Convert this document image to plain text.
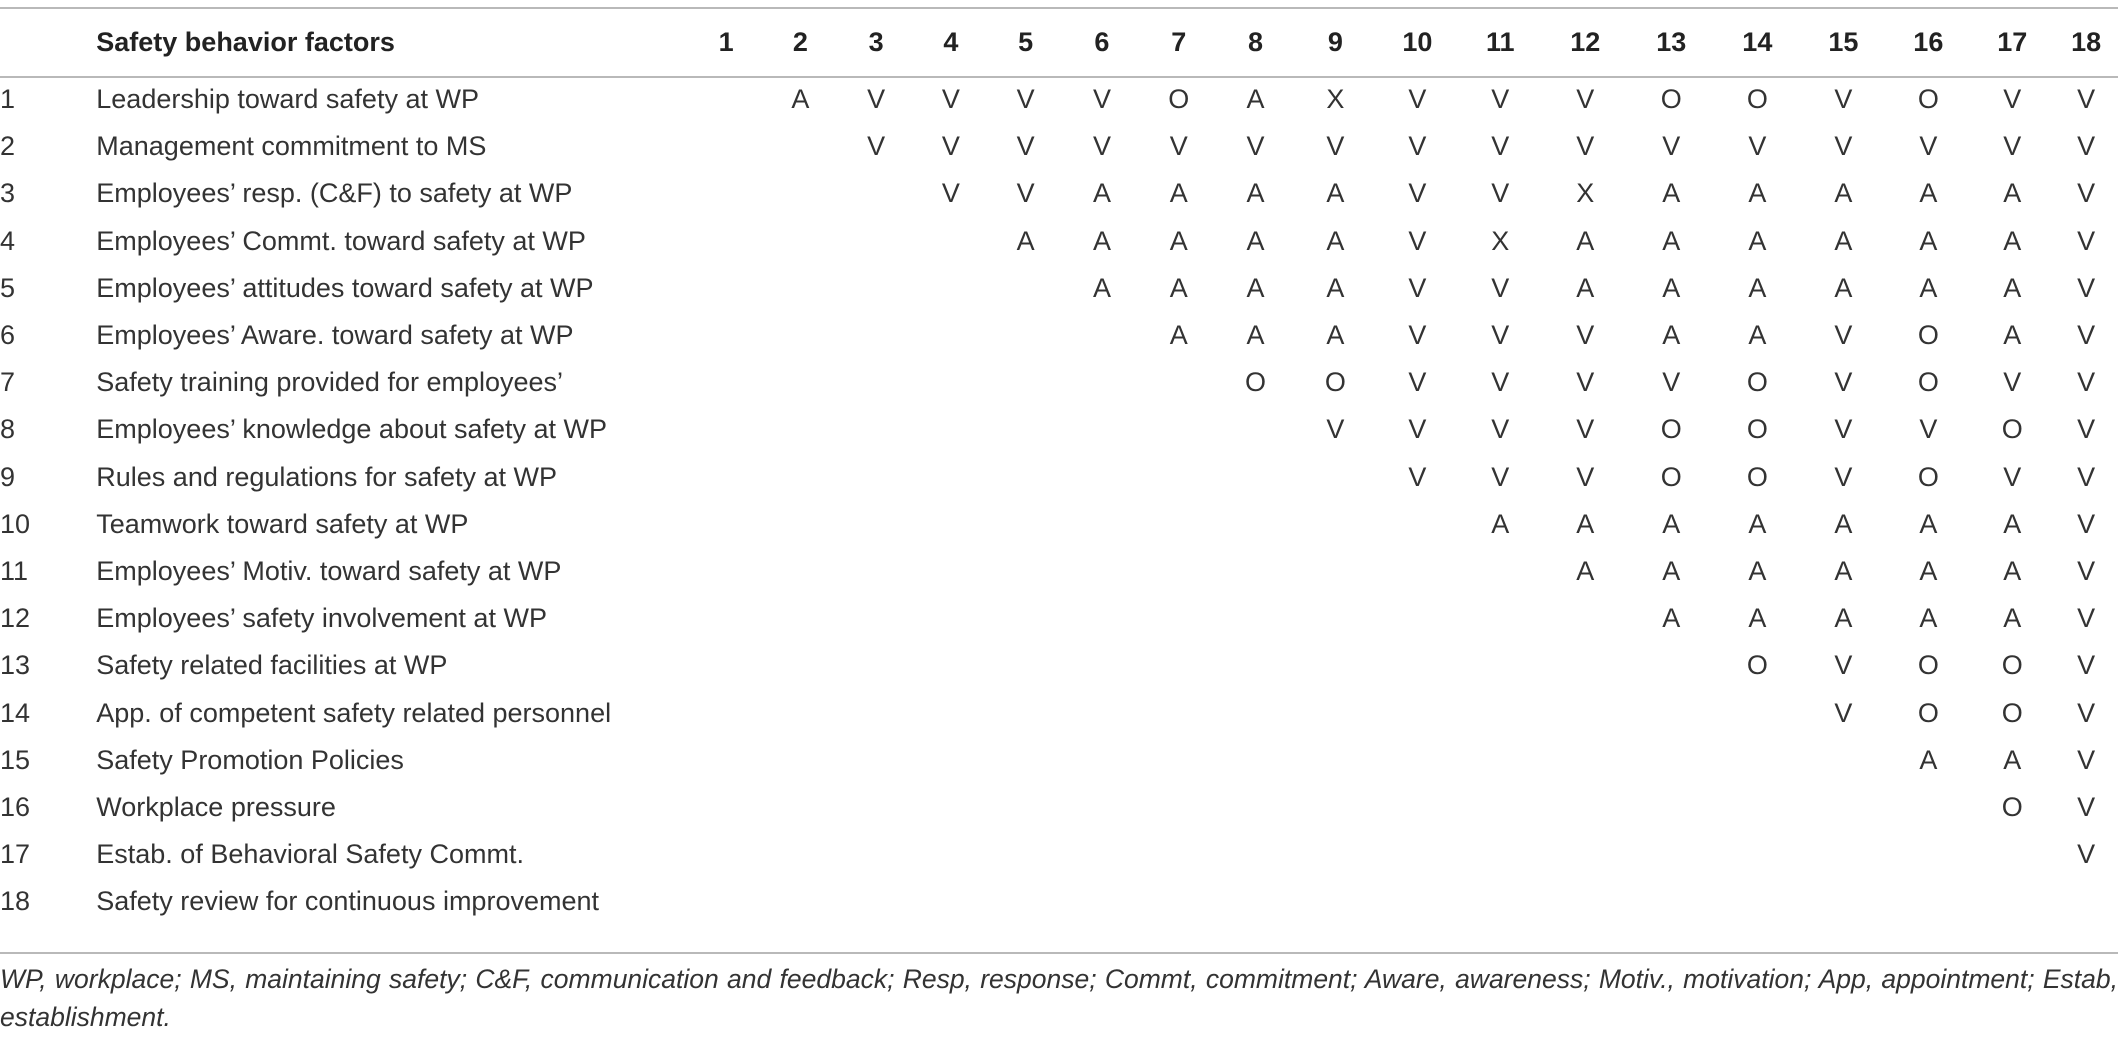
	Safety behavior factors	1	2	3	4	5	6	7	8	9	10	11	12	13	14	15	16	17	18
1	Leadership toward safety at WP		A	V	V	V	V	O	A	X	V	V	V	O	O	V	O	V	V
2	Management commitment to MS			V	V	V	V	V	V	V	V	V	V	V	V	V	V	V	V
3	Employees’ resp. (C&F) to safety at WP				V	V	A	A	A	A	V	V	X	A	A	A	A	A	V
4	Employees’ Commt. toward safety at WP					A	A	A	A	A	V	X	A	A	A	A	A	A	V
5	Employees’ attitudes toward safety at WP						A	A	A	A	V	V	A	A	A	A	A	A	V
6	Employees’ Aware. toward safety at WP							A	A	A	V	V	V	A	A	V	O	A	V
7	Safety training provided for employees’								O	O	V	V	V	V	O	V	O	V	V
8	Employees’ knowledge about safety at WP									V	V	V	V	O	O	V	V	O	V
9	Rules and regulations for safety at WP										V	V	V	O	O	V	O	V	V
10	Teamwork toward safety at WP											A	A	A	A	A	A	A	V
11	Employees’ Motiv. toward safety at WP												A	A	A	A	A	A	V
12	Employees’ safety involvement at WP													A	A	A	A	A	V
13	Safety related facilities at WP														O	V	O	O	V
14	App. of competent safety related personnel															V	O	O	V
15	Safety Promotion Policies																A	A	V
16	Workplace pressure																	O	V
17	Estab. of Behavioral Safety Commt.																		V
18	Safety review for continuous improvement																		
WP, workplace; MS, maintaining safety; C&F, communication and feedback; Resp, response; Commt, commitment; Aware, awareness; Motiv., motivation; App, appointment; Estab, establishment.
